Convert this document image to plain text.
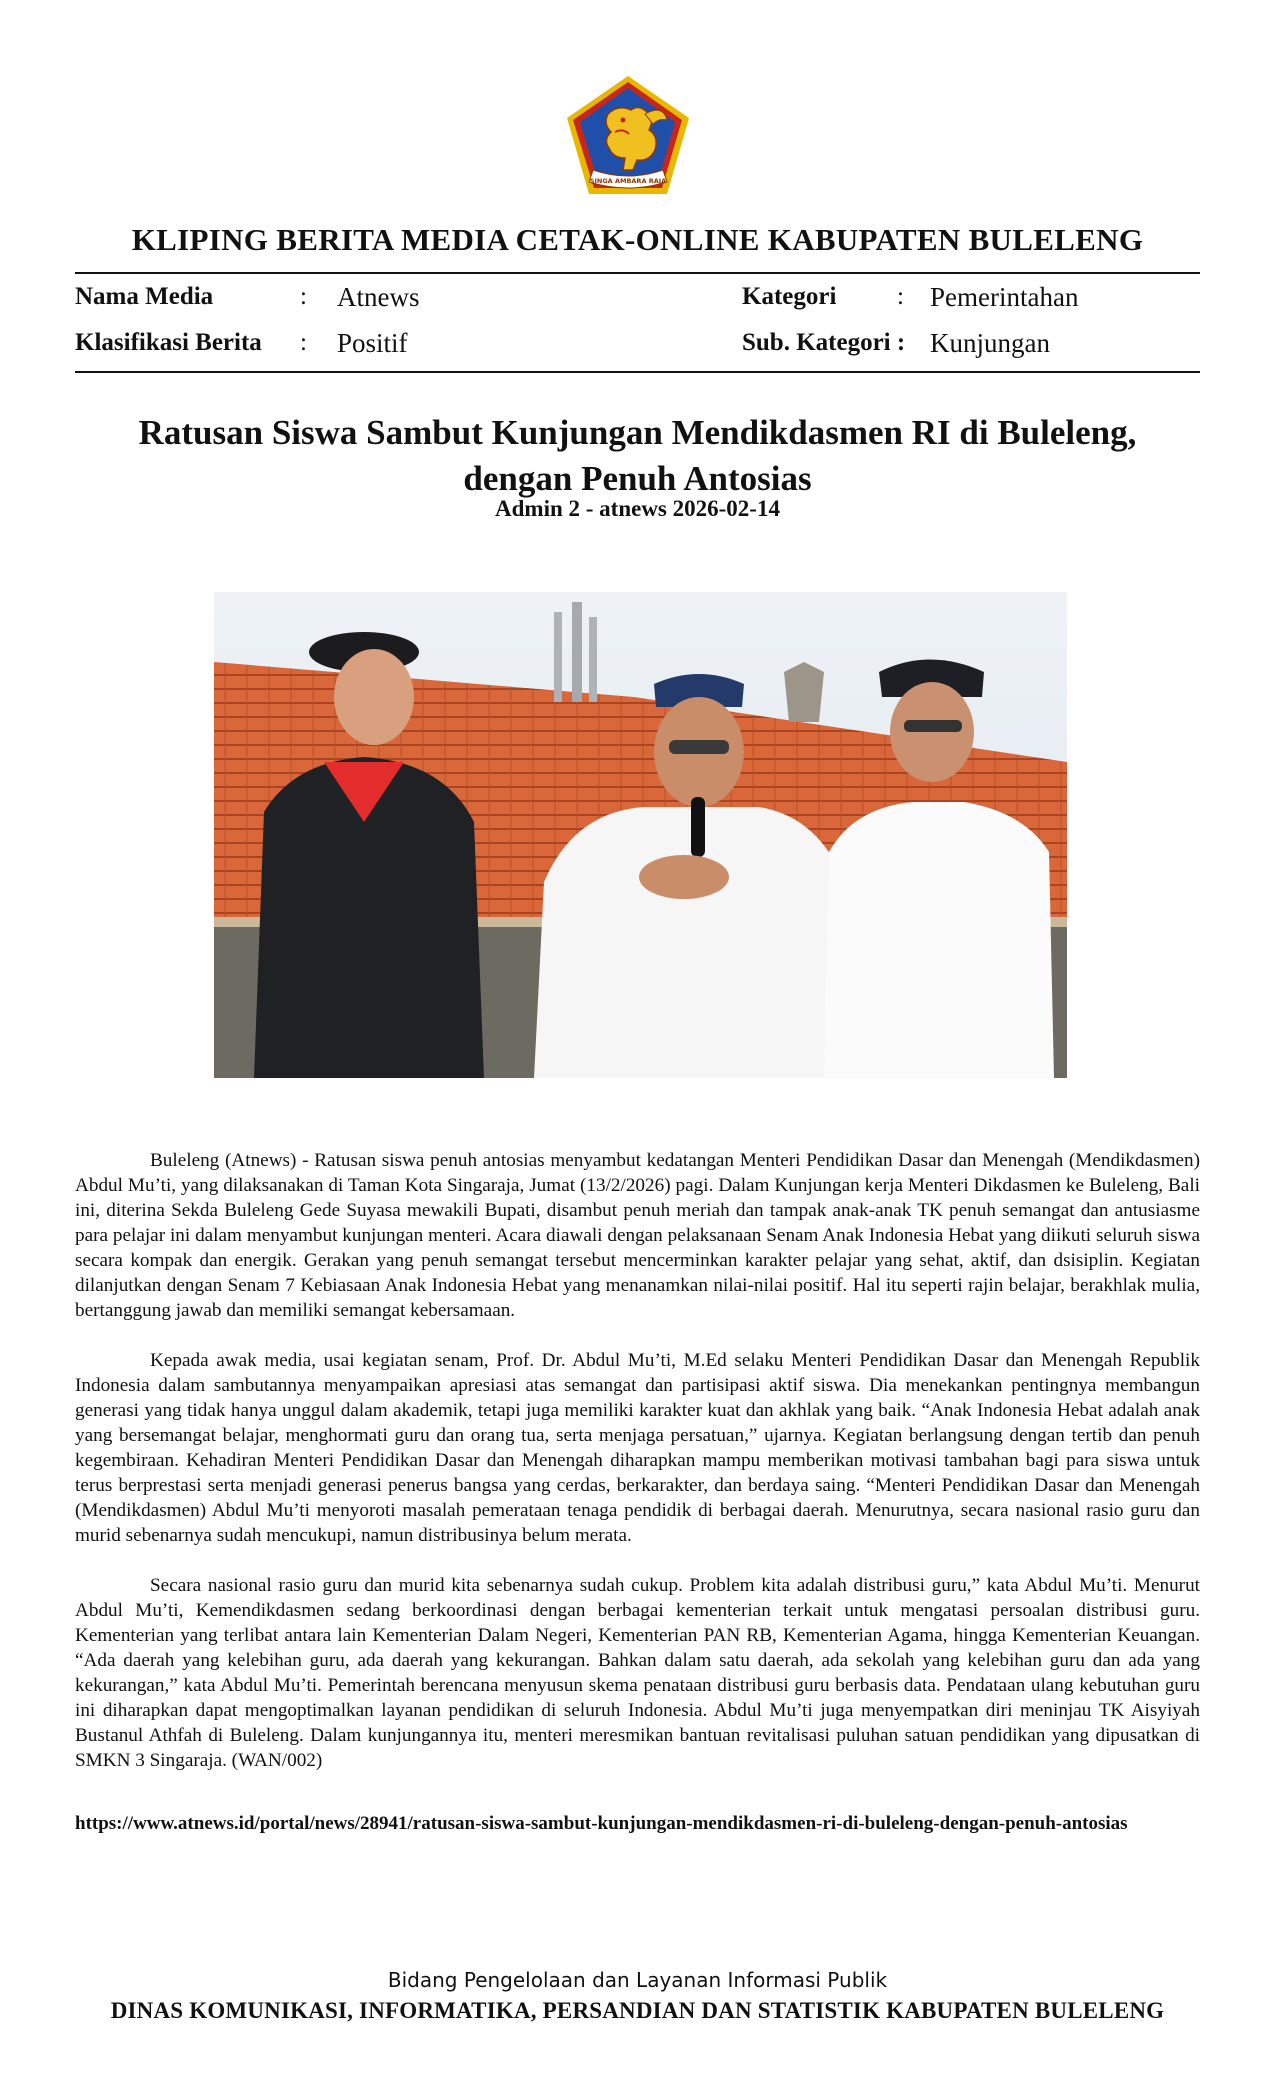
SINGA AMBARA RAJA
KLIPING BERITA MEDIA CETAK-ONLINE KABUPATEN BULELENG
Nama Media	: Atnews
Klasifikasi Berita : Positif
Kategori : Pemerintahan
Sub. Kategori : Kunjungan
Ratusan Siswa Sambut Kunjungan Mendikdasmen RI di Buleleng,
dengan Penuh Antosias
Admin 2 - atnews 2026-02-14

Buleleng (Atnews) - Ratusan siswa penuh antosias menyambut kedatangan Menteri Pendidikan Dasar dan Menengah (Mendikdasmen) Abdul Mu’ti, yang dilaksanakan di Taman Kota Singaraja, Jumat (13/2/2026) pagi. Dalam Kunjungan kerja Menteri Dikdasmen ke Buleleng, Bali ini, diterina Sekda Buleleng Gede Suyasa mewakili Bupati, disambut penuh meriah dan tampak anak-anak TK penuh semangat dan antusiasme para pelajar ini dalam menyambut kunjungan menteri. Acara diawali dengan pelaksanaan Senam Anak Indonesia Hebat yang diikuti seluruh siswa secara kompak dan energik. Gerakan yang penuh semangat tersebut mencerminkan karakter pelajar yang sehat, aktif, dan dsisiplin. Kegiatan dilanjutkan dengan Senam 7 Kebiasaan Anak Indonesia Hebat yang menanamkan nilai-nilai positif. Hal itu seperti rajin belajar, berakhlak mulia, bertanggung jawab dan memiliki semangat kebersamaan.

Kepada awak media, usai kegiatan senam, Prof. Dr. Abdul Mu’ti, M.Ed selaku Menteri Pendidikan Dasar dan Menengah Republik Indonesia dalam sambutannya menyampaikan apresiasi atas semangat dan partisipasi aktif siswa. Dia menekankan pentingnya membangun generasi yang tidak hanya unggul dalam akademik, tetapi juga memiliki karakter kuat dan akhlak yang baik. “Anak Indonesia Hebat adalah anak yang bersemangat belajar, menghormati guru dan orang tua, serta menjaga persatuan,” ujarnya. Kegiatan berlangsung dengan tertib dan penuh kegembiraan. Kehadiran Menteri Pendidikan Dasar dan Menengah diharapkan mampu memberikan motivasi tambahan bagi para siswa untuk terus berprestasi serta menjadi generasi penerus bangsa yang cerdas, berkarakter, dan berdaya saing. “Menteri Pendidikan Dasar dan Menengah (Mendikdasmen) Abdul Mu’ti menyoroti masalah pemerataan tenaga pendidik di berbagai daerah. Menurutnya, secara nasional rasio guru dan murid sebenarnya sudah mencukupi, namun distribusinya belum merata.

Secara nasional rasio guru dan murid kita sebenarnya sudah cukup. Problem kita adalah distribusi guru,” kata Abdul Mu’ti. Menurut Abdul Mu’ti, Kemendikdasmen sedang berkoordinasi dengan berbagai kementerian terkait untuk mengatasi persoalan distribusi guru. Kementerian yang terlibat antara lain Kementerian Dalam Negeri, Kementerian PAN RB, Kementerian Agama, hingga Kementerian Keuangan. “Ada daerah yang kelebihan guru, ada daerah yang kekurangan. Bahkan dalam satu daerah, ada sekolah yang kelebihan guru dan ada yang kekurangan,” kata Abdul Mu’ti. Pemerintah berencana menyusun skema penataan distribusi guru berbasis data. Pendataan ulang kebutuhan guru ini diharapkan dapat mengoptimalkan layanan pendidikan di seluruh Indonesia. Abdul Mu’ti juga menyempatkan diri meninjau TK Aisyiyah Bustanul Athfah di Buleleng. Dalam kunjungannya itu, menteri meresmikan bantuan revitalisasi puluhan satuan pendidikan yang dipusatkan di SMKN 3 Singaraja. (WAN/002)

https://www.atnews.id/portal/news/28941/ratusan-siswa-sambut-kunjungan-mendikdasmen-ri-di-buleleng-dengan-penuh-antosias
Bidang Pengelolaan dan Layanan Informasi Publik
DINAS KOMUNIKASI, INFORMATIKA, PERSANDIAN DAN STATISTIK KABUPATEN BULELENG
